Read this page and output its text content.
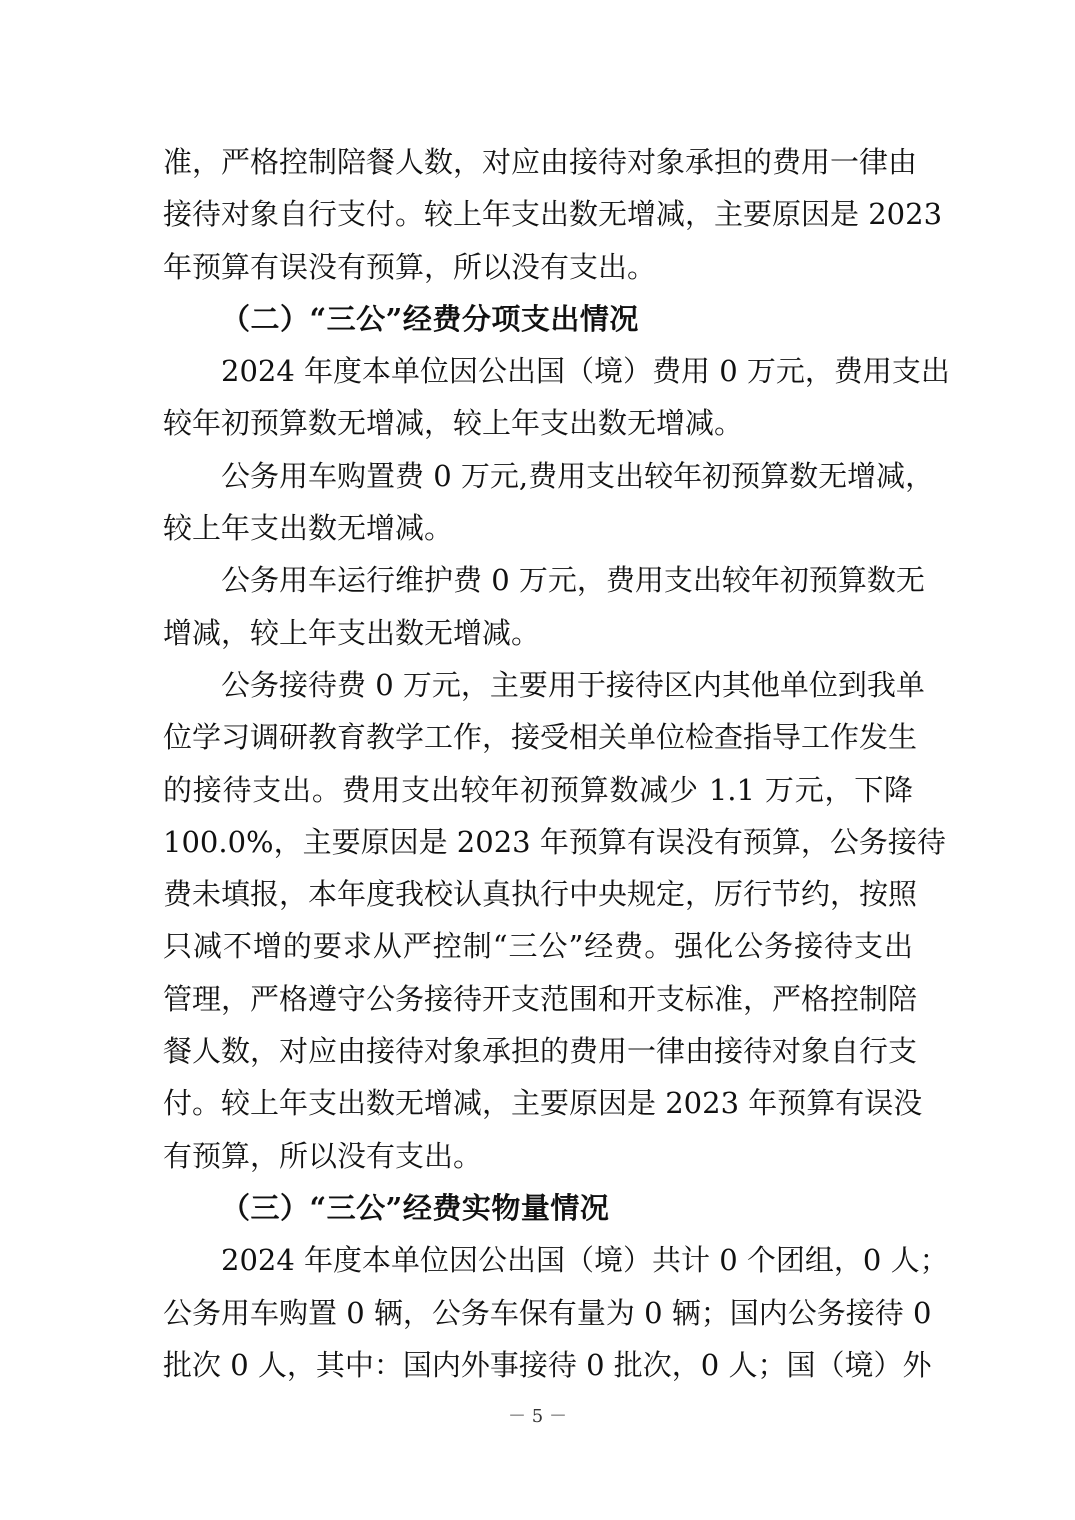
准，严格控制陪餐人数，对应由接待对象承担的费用一律由
接待对象自行支付。较上年支出数无增减，主要原因是 2023
年预算有误没有预算，所以没有支出。
（二）“三公”经费分项支出情况
2024 年度本单位因公出国（境）费用 0 万元，费用支出
较年初预算数无增减，较上年支出数无增减。
公务用车购置费 0 万元,费用支出较年初预算数无增减，
较上年支出数无增减。
公务用车运行维护费 0 万元，费用支出较年初预算数无
增减，较上年支出数无增减。
公务接待费 0 万元，主要用于接待区内其他单位到我单
位学习调研教育教学工作，接受相关单位检查指导工作发生
的接待支出。费用支出较年初预算数减少 1.1 万元，下降
100.0%，主要原因是 2023 年预算有误没有预算，公务接待
费未填报，本年度我校认真执行中央规定，厉行节约，按照
只减不增的要求从严控制“三公”经费。强化公务接待支出
管理，严格遵守公务接待开支范围和开支标准，严格控制陪
餐人数，对应由接待对象承担的费用一律由接待对象自行支
付。较上年支出数无增减，主要原因是 2023 年预算有误没
有预算，所以没有支出。
（三）“三公”经费实物量情况
2024 年度本单位因公出国（境）共计 0 个团组，0 人；
公务用车购置 0 辆，公务车保有量为 0 辆；国内公务接待 0
批次 0 人，其中：国内外事接待 0 批次，0 人；国（境）外
－ 5 －
